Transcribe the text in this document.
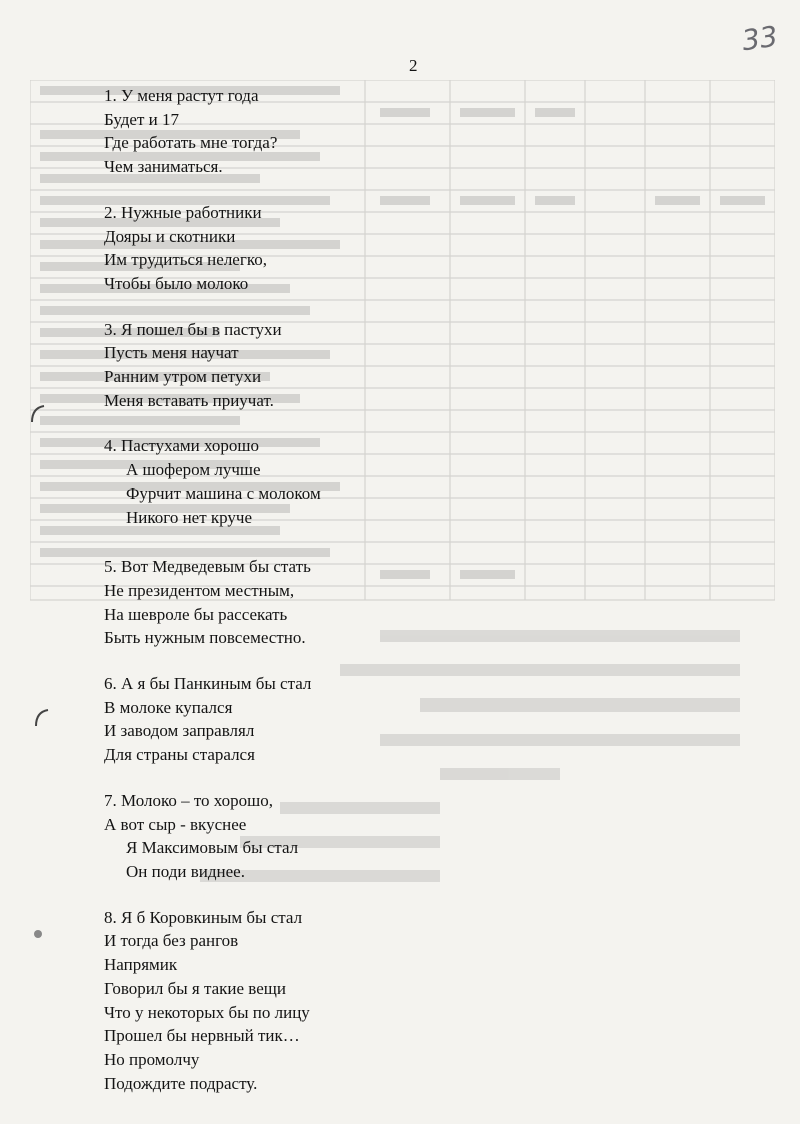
33
2
1. У меня растут года
Будет и 17
Где работать мне тогда?
Чем заниматься.
2. Нужные работники
Дояры и скотники
Им трудиться нелегко,
Чтобы было молоко
3. Я пошел бы в пастухи
Пусть меня научат
Ранним утром петухи
Меня вставать приучат.
4. Пастухами хорошо
А шофером лучше
Фурчит машина с молоком
Никого нет круче
5. Вот Медведевым бы стать
Не президентом местным,
На шевроле бы рассекать
Быть нужным повсеместно.
6. А я бы Панкиным бы стал
В молоке купался
И заводом заправлял
Для страны старался
7. Молоко – то хорошо,
А вот сыр - вкуснее
Я Максимовым бы стал
Он поди виднее.
8. Я б Коровкиным бы стал
И тогда без рангов
Напрямик
Говорил бы я такие вещи
Что у некоторых бы по лицу
Прошел бы нервный тик…
Но промолчу
Подождите подрасту.
